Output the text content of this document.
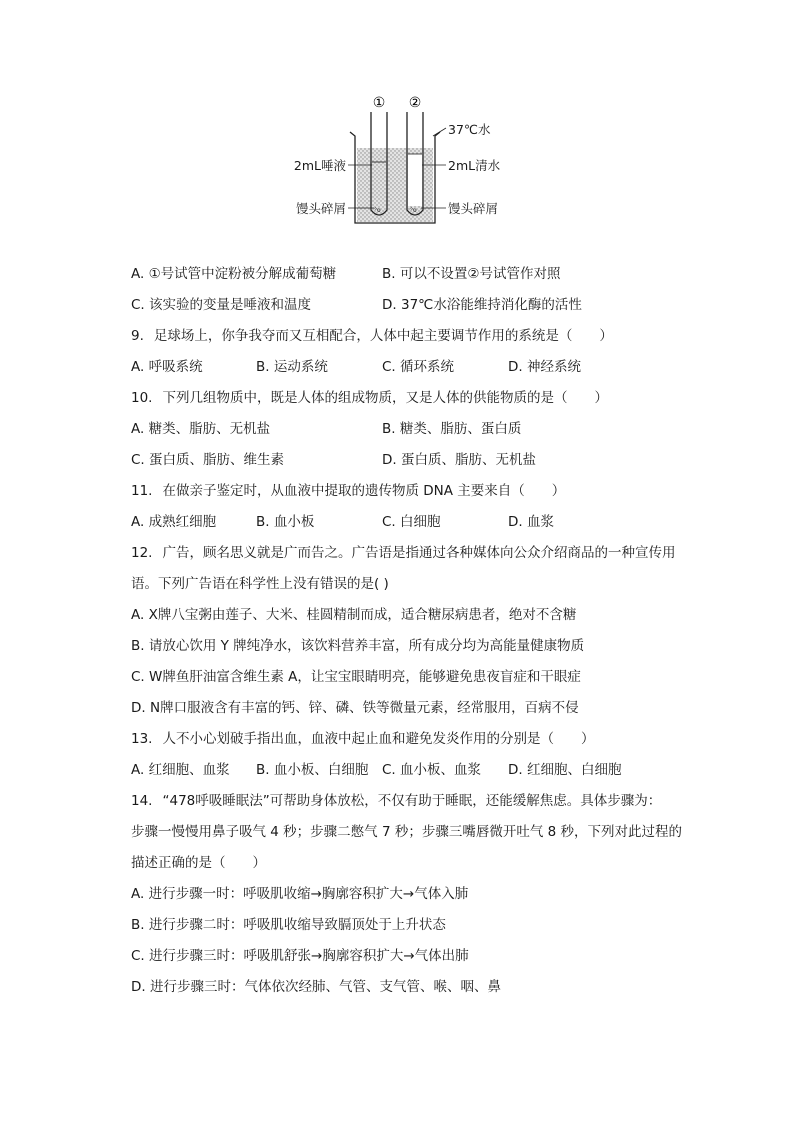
① ②
°o	°o
37℃水
2mL唾液	2mL清水
馒头碎屑	馒头碎屑
A. ①号试管中淀粉被分解成葡萄糖	B. 可以不设置②号试管作对照
C. 该实验的变量是唾液和温度	D. 37℃水浴能维持消化酶的活性
9. 足球场上，你争我夺而又互相配合，人体中起主要调节作用的系统是（　　）
A. 呼吸系统	B. 运动系统	C. 循环系统	D. 神经系统
10. 下列几组物质中，既是人体的组成物质，又是人体的供能物质的是（　　）
A. 糖类、脂肪、无机盐	B. 糖类、脂肪、蛋白质
C. 蛋白质、脂肪、维生素	D. 蛋白质、脂肪、无机盐
11. 在做亲子鉴定时，从血液中提取的遗传物质 DNA 主要来自（　　）
A. 成熟红细胞	B. 血小板	C. 白细胞	D. 血浆
12. 广告，顾名思义就是广而告之。广告语是指通过各种媒体向公众介绍商品的一种宣传用
语。下列广告语在科学性上没有错误的是( )
A. X牌八宝粥由莲子、大米、桂圆精制而成，适合糖尿病患者，绝对不含糖
B. 请放心饮用 Y 牌纯净水，该饮料营养丰富，所有成分均为高能量健康物质
C. W牌鱼肝油富含维生素 A，让宝宝眼睛明亮，能够避免患夜盲症和干眼症
D. N牌口服液含有丰富的钙、锌、磷、铁等微量元素，经常服用，百病不侵
13. 人不小心划破手指出血，血液中起止血和避免发炎作用的分别是（　　）
A. 红细胞、血浆 B. 血小板、白细胞 C. 血小板、血浆 D. 红细胞、白细胞
14. “478呼吸睡眠法”可帮助身体放松，不仅有助于睡眠，还能缓解焦虑。具体步骤为：
步骤一慢慢用鼻子吸气 4 秒；步骤二憋气 7 秒；步骤三嘴唇微开吐气 8 秒，下列对此过程的
描述正确的是（　　）
A. 进行步骤一时：呼吸肌收缩→胸廓容积扩大→气体入肺
B. 进行步骤二时：呼吸肌收缩导致膈顶处于上升状态
C. 进行步骤三时：呼吸肌舒张→胸廓容积扩大→气体出肺
D. 进行步骤三时：气体依次经肺、气管、支气管、喉、咽、鼻
